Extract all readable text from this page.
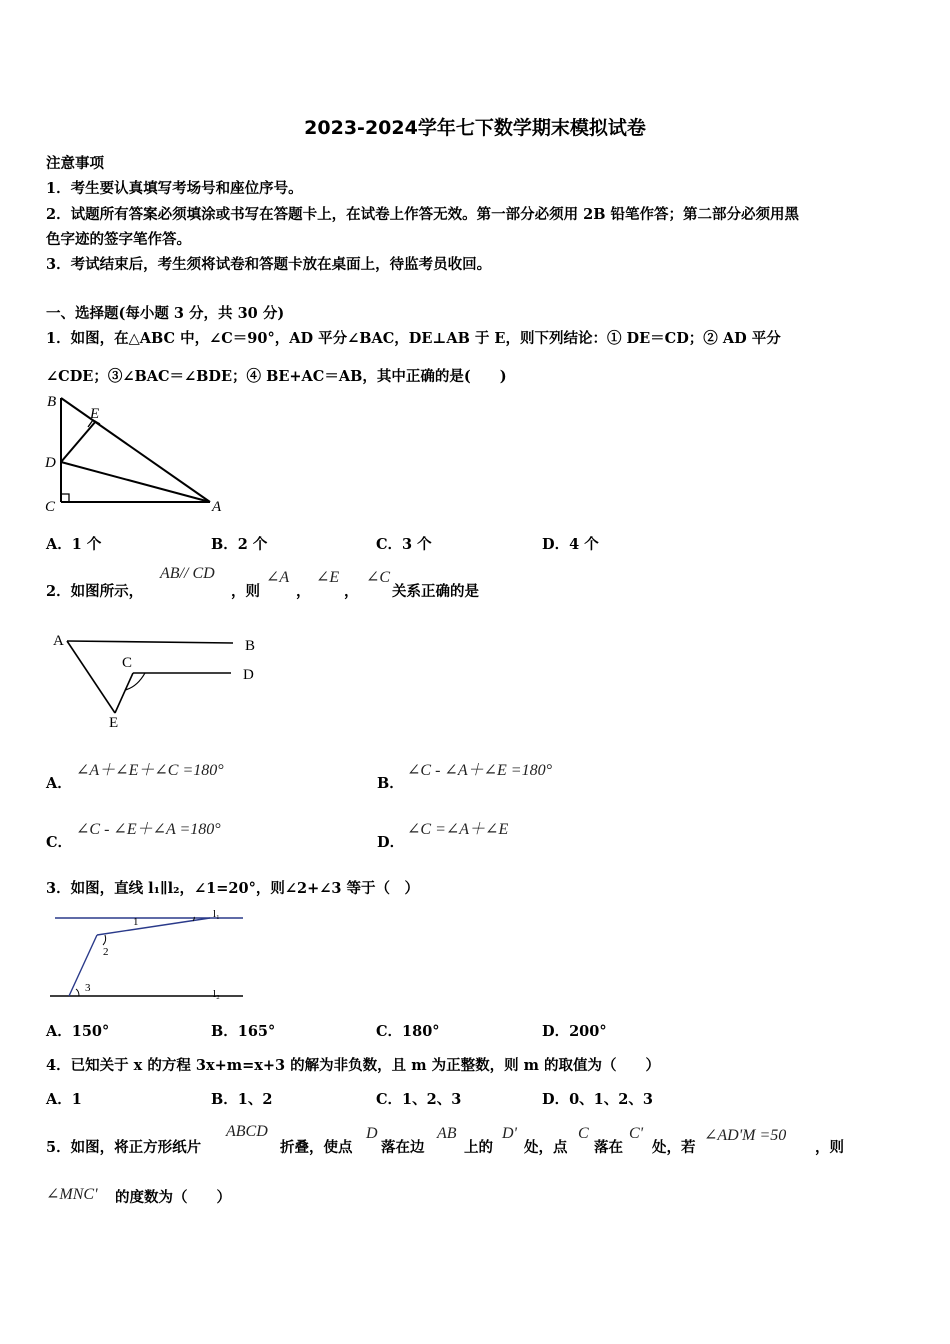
2023-2024学年七下数学期末模拟试卷
注意事项
1．考生要认真填写考场号和座位序号。
2．试题所有答案必须填涂或书写在答题卡上，在试卷上作答无效。第一部分必须用 2B 铅笔作答；第二部分必须用黑
色字迹的签字笔作答。
3．考试结束后，考生须将试卷和答题卡放在桌面上，待监考员收回。
一、选择题(每小题 3 分，共 30 分)
1．如图，在△ABC 中，∠C＝90°，AD 平分∠BAC，DE⊥AB 于 E，则下列结论：① DE＝CD；② AD 平分
∠CDE；③∠BAC＝∠BDE；④ BE+AC＝AB，其中正确的是(　　)
B
E
D
C	A
A．1 个	B．2 个	C．3 个	D．4 个
2．如图所示，
AB// CD
，则
∠A
，
∠E
，
∠C
关系正确的是
A	B
C
D
E
A．
∠A＋∠E＋∠C =180°
B．
∠C - ∠A＋∠E =180°
C．
∠C - ∠E＋∠A =180°
D．
∠C =∠A＋∠E
3．如图，直线 l₁∥l₂，∠1=20°，则∠2+∠3 等于（　）
l₁
l₂
1
2
3
A．150°	B．165°	C．180°	D．200°
4．已知关于 x 的方程 3x+m=x+3 的解为非负数，且 m 为正整数，则 m 的取值为（　　）
A．1	B．1、2	C．1、2、3	D．0、1、2、3
5．如图，将正方形纸片
ABCD
折叠，使点
D
落在边
AB
上的
D'
处，点
C
落在
C'
处，若
∠AD'M =50
，则
∠MNC' 的度数为（　　）
